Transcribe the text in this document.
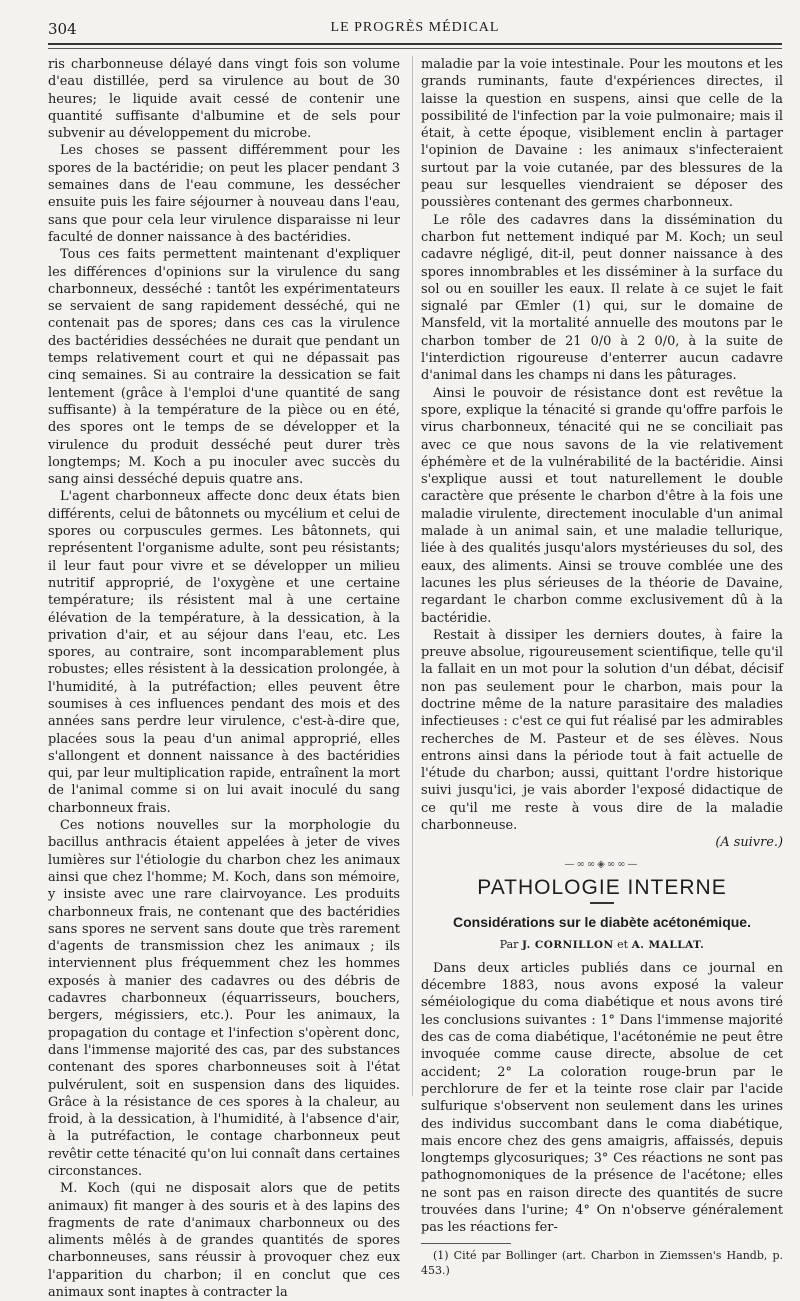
304	LE PROGRÈS MÉDICAL

ris charbonneuse délayé dans vingt fois son volume d'eau distillée, perd sa virulence au bout de 30 heures; le liquide avait cessé de contenir une quantité suffisante d'albumine et de sels pour subvenir au développement du microbe.

Les choses se passent différemment pour les spores de la bactéridie; on peut les placer pendant 3 semaines dans de l'eau commune, les dessécher ensuite puis les faire séjourner à nouveau dans l'eau, sans que pour cela leur virulence disparaisse ni leur faculté de donner naissance à des bactéridies.

Tous ces faits permettent maintenant d'expliquer les différences d'opinions sur la virulence du sang charbonneux, desséché : tantôt les expérimentateurs se servaient de sang rapidement desséché, qui ne contenait pas de spores; dans ces cas la virulence des bactéridies desséchées ne durait que pendant un temps relativement court et qui ne dépassait pas cinq semaines. Si au contraire la dessication se fait lentement (grâce à l'emploi d'une quantité de sang suffisante) à la température de la pièce ou en été, des spores ont le temps de se développer et la virulence du produit desséché peut durer très longtemps; M. Koch a pu inoculer avec succès du sang ainsi desséché depuis quatre ans.

L'agent charbonneux affecte donc deux états bien différents, celui de bâtonnets ou mycélium et celui de spores ou corpuscules germes. Les bâtonnets, qui représentent l'organisme adulte, sont peu résistants; il leur faut pour vivre et se développer un milieu nutritif approprié, de l'oxygène et une certaine température; ils résistent mal à une certaine élévation de la température, à la dessication, à la privation d'air, et au séjour dans l'eau, etc. Les spores, au contraire, sont incomparablement plus robustes; elles résistent à la dessication prolongée, à l'humidité, à la putréfaction; elles peuvent être soumises à ces influences pendant des mois et des années sans perdre leur virulence, c'est-à-dire que, placées sous la peau d'un animal approprié, elles s'allongent et donnent naissance à des bactéridies qui, par leur multiplication rapide, entraînent la mort de l'animal comme si on lui avait inoculé du sang charbonneux frais.

Ces notions nouvelles sur la morphologie du bacillus anthracis étaient appelées à jeter de vives lumières sur l'étiologie du charbon chez les animaux ainsi que chez l'homme; M. Koch, dans son mémoire, y insiste avec une rare clairvoyance. Les produits charbonneux frais, ne contenant que des bactéridies sans spores ne servent sans doute que très rarement d'agents de transmission chez les animaux ; ils interviennent plus fréquemment chez les hommes exposés à manier des cadavres ou des débris de cadavres charbonneux (équarrisseurs, bouchers, bergers, mégissiers, etc.). Pour les animaux, la propagation du contage et l'infection s'opèrent donc, dans l'immense majorité des cas, par des substances contenant des spores charbonneuses soit à l'état pulvérulent, soit en suspension dans des liquides. Grâce à la résistance de ces spores à la chaleur, au froid, à la dessication, à l'humidité, à l'absence d'air, à la putréfaction, le contage charbonneux peut revêtir cette ténacité qu'on lui connaît dans certaines circonstances.

M. Koch (qui ne disposait alors que de petits animaux) fit manger à des souris et à des lapins des fragments de rate d'animaux charbonneux ou des aliments mêlés à de grandes quantités de spores charbonneuses, sans réussir à provoquer chez eux l'apparition du charbon; il en conclut que ces animaux sont inaptes à contracter la

maladie par la voie intestinale. Pour les moutons et les grands ruminants, faute d'expériences directes, il laisse la question en suspens, ainsi que celle de la possibilité de l'infection par la voie pulmonaire; mais il était, à cette époque, visiblement enclin à partager l'opinion de Davaine : les animaux s'infecteraient surtout par la voie cutanée, par des blessures de la peau sur lesquelles viendraient se déposer des poussières contenant des germes charbonneux.

Le rôle des cadavres dans la dissémination du charbon fut nettement indiqué par M. Koch; un seul cadavre négligé, dit-il, peut donner naissance à des spores innombrables et les disséminer à la surface du sol ou en souiller les eaux. Il relate à ce sujet le fait signalé par Œmler (1) qui, sur le domaine de Mansfeld, vit la mortalité annuelle des moutons par le charbon tomber de 21 0/0 à 2 0/0, à la suite de l'interdiction rigoureuse d'enterrer aucun cadavre d'animal dans les champs ni dans les pâturages.

Ainsi le pouvoir de résistance dont est revêtue la spore, explique la ténacité si grande qu'offre parfois le virus charbonneux, ténacité qui ne se conciliait pas avec ce que nous savons de la vie relativement éphémère et de la vulnérabilité de la bactéridie. Ainsi s'explique aussi et tout naturellement le double caractère que présente le charbon d'être à la fois une maladie virulente, directement inoculable d'un animal malade à un animal sain, et une maladie tellurique, liée à des qualités jusqu'alors mystérieuses du sol, des eaux, des aliments. Ainsi se trouve comblée une des lacunes les plus sérieuses de la théorie de Davaine, regardant le charbon comme exclusivement dû à la bactéridie.

Restait à dissiper les derniers doutes, à faire la preuve absolue, rigoureusement scientifique, telle qu'il la fallait en un mot pour la solution d'un débat, décisif non pas seulement pour le charbon, mais pour la doctrine même de la nature parasitaire des maladies infectieuses : c'est ce qui fut réalisé par les admirables recherches de M. Pasteur et de ses élèves. Nous entrons ainsi dans la période tout à fait actuelle de l'étude du charbon; aussi, quittant l'ordre historique suivi jusqu'ici, je vais aborder l'exposé didactique de ce qu'il me reste à vous dire de la maladie charbonneuse.

(A suivre.)
—∞∞◈∞∞—
PATHOLOGIE INTERNE
Considérations sur le diabète acétonémique.
Par J. CORNILLON et A. MALLAT.

Dans deux articles publiés dans ce journal en décembre 1883, nous avons exposé la valeur séméiologique du coma diabétique et nous avons tiré les conclusions suivantes : 1° Dans l'immense majorité des cas de coma diabétique, l'acétonémie ne peut être invoquée comme cause directe, absolue de cet accident; 2° La coloration rouge-brun par le perchlorure de fer et la teinte rose clair par l'acide sulfurique s'observent non seulement dans les urines des individus succombant dans le coma diabétique, mais encore chez des gens amaigris, affaissés, depuis longtemps glycosuriques; 3° Ces réactions ne sont pas pathognomoniques de la présence de l'acétone; elles ne sont pas en raison directe des quantités de sucre trouvées dans l'urine; 4° On n'observe généralement pas les réactions fer-

(1) Cité par Bollinger (art. Charbon in Ziemssen's Handb, p. 453.)
